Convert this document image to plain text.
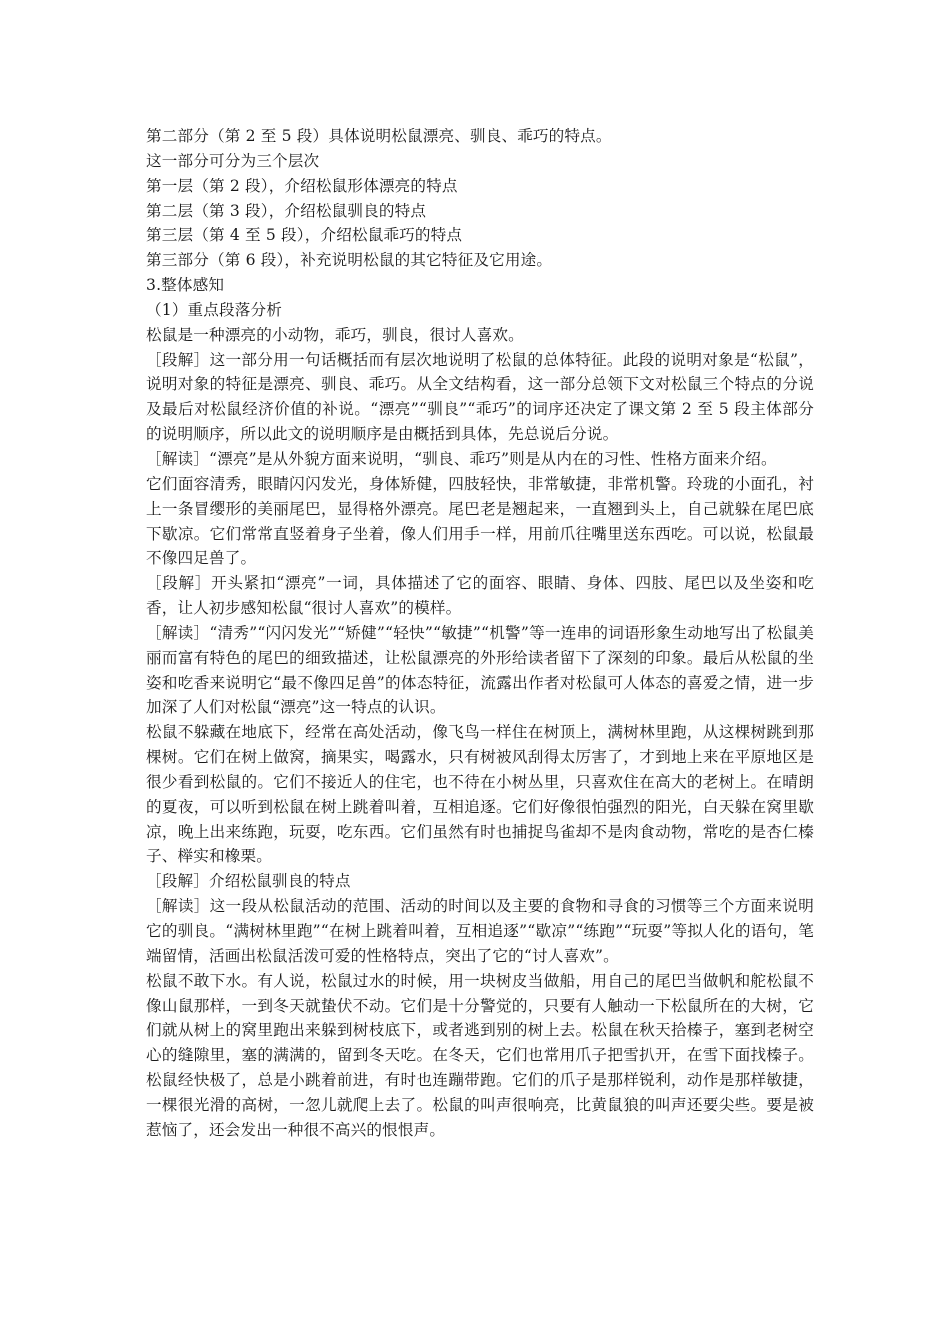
第二部分（第 2 至 5 段）具体说明松鼠漂亮、驯良、乖巧的特点。

这一部分可分为三个层次

第一层（第 2 段），介绍松鼠形体漂亮的特点

第二层（第 3 段），介绍松鼠驯良的特点

第三层（第 4 至 5 段），介绍松鼠乖巧的特点

第三部分（第 6 段），补充说明松鼠的其它特征及它用途。

3.整体感知

（1）重点段落分析

松鼠是一种漂亮的小动物，乖巧，驯良，很讨人喜欢。

［段解］这一部分用一句话概括而有层次地说明了松鼠的总体特征。此段的说明对象是“松鼠”，说明对象的特征是漂亮、驯良、乖巧。从全文结构看，这一部分总领下文对松鼠三个特点的分说及最后对松鼠经济价值的补说。“漂亮”“驯良”“乖巧”的词序还决定了课文第 2 至 5 段主体部分的说明顺序，所以此文的说明顺序是由概括到具体，先总说后分说。

［解读］“漂亮”是从外貌方面来说明，“驯良、乖巧”则是从内在的习性、性格方面来介绍。

它们面容清秀，眼睛闪闪发光，身体矫健，四肢轻快，非常敏捷，非常机警。玲珑的小面孔，衬上一条冒缨形的美丽尾巴，显得格外漂亮。尾巴老是翘起来，一直翘到头上，自己就躲在尾巴底下歇凉。它们常常直竖着身子坐着，像人们用手一样，用前爪往嘴里送东西吃。可以说，松鼠最不像四足兽了。

［段解］开头紧扣“漂亮”一词，具体描述了它的面容、眼睛、身体、四肢、尾巴以及坐姿和吃香，让人初步感知松鼠“很讨人喜欢”的模样。

［解读］“清秀”“闪闪发光”“矫健”“轻快”“敏捷”“机警”等一连串的词语形象生动地写出了松鼠美丽而富有特色的尾巴的细致描述，让松鼠漂亮的外形给读者留下了深刻的印象。最后从松鼠的坐姿和吃香来说明它“最不像四足兽”的体态特征，流露出作者对松鼠可人体态的喜爱之情，进一步加深了人们对松鼠“漂亮”这一特点的认识。

松鼠不躲藏在地底下，经常在高处活动，像飞鸟一样住在树顶上，满树林里跑，从这棵树跳到那棵树。它们在树上做窝，摘果实，喝露水，只有树被风刮得太厉害了，才到地上来在平原地区是很少看到松鼠的。它们不接近人的住宅，也不待在小树丛里，只喜欢住在高大的老树上。在晴朗的夏夜，可以听到松鼠在树上跳着叫着，互相追逐。它们好像很怕强烈的阳光，白天躲在窝里歇凉，晚上出来练跑，玩耍，吃东西。它们虽然有时也捕捉鸟雀却不是肉食动物，常吃的是杏仁榛子、榉实和橡栗。

［段解］介绍松鼠驯良的特点

［解读］这一段从松鼠活动的范围、活动的时间以及主要的食物和寻食的习惯等三个方面来说明它的驯良。“满树林里跑”“在树上跳着叫着，互相追逐”“歇凉”“练跑”“玩耍”等拟人化的语句，笔端留情，活画出松鼠活泼可爱的性格特点，突出了它的“讨人喜欢”。

松鼠不敢下水。有人说，松鼠过水的时候，用一块树皮当做船，用自己的尾巴当做帆和舵松鼠不像山鼠那样，一到冬天就蛰伏不动。它们是十分警觉的，只要有人触动一下松鼠所在的大树，它们就从树上的窝里跑出来躲到树枝底下，或者逃到别的树上去。松鼠在秋天拾榛子，塞到老树空心的缝隙里，塞的满满的，留到冬天吃。在冬天，它们也常用爪子把雪扒开，在雪下面找榛子。松鼠经快极了，总是小跳着前进，有时也连蹦带跑。它们的爪子是那样锐利，动作是那样敏捷，一棵很光滑的高树，一忽儿就爬上去了。松鼠的叫声很响亮，比黄鼠狼的叫声还要尖些。要是被惹恼了，还会发出一种很不高兴的恨恨声。
